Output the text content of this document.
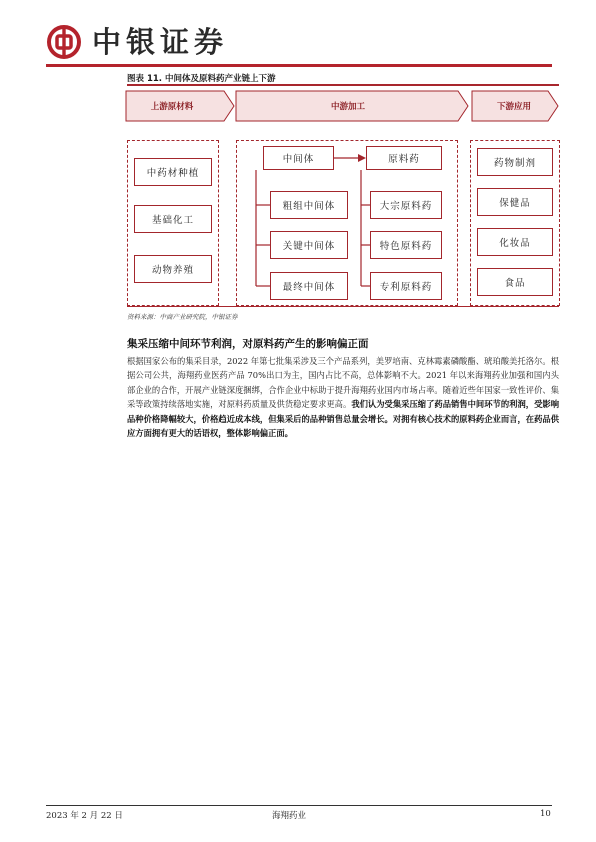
中银证券
图表 11. 中间体及原料药产业链上下游
上游原材料	中游加工	下游应用
中药材种植
基础化工
动物养殖
中间体
粗组中间体
关键中间体
最终中间体
原料药
大宗原料药
特色原料药
专利原料药
药物制剂
保健品
化妆品
食品
资料来源：中商产业研究院，中银证券
集采压缩中间环节利润，对原料药产生的影响偏正面
根据国家公布的集采目录，2022 年第七批集采涉及三个产品系列，美罗培南、克林霉素磷酸酯、琥珀酸美托洛尔。根据公司公共，海翔药业医药产品 70%出口为主，国内占比不高，总体影响不大。2021 年以来海翔药业加强和国内头部企业的合作，开展产业链深度捆绑，合作企业中标助于提升海翔药业国内市场占率。随着近些年国家一致性评价、集采等政策持续落地实施，对原料药质量及供货稳定要求更高。我们认为受集采压缩了药品销售中间环节的利润，受影响品种价格降幅较大，价格趋近成本线，但集采后的品种销售总量会增长。对拥有核心技术的原料药企业而言，在药品供应方面拥有更大的话语权，整体影响偏正面。
2023 年 2 月 22 日	海翔药业	10
